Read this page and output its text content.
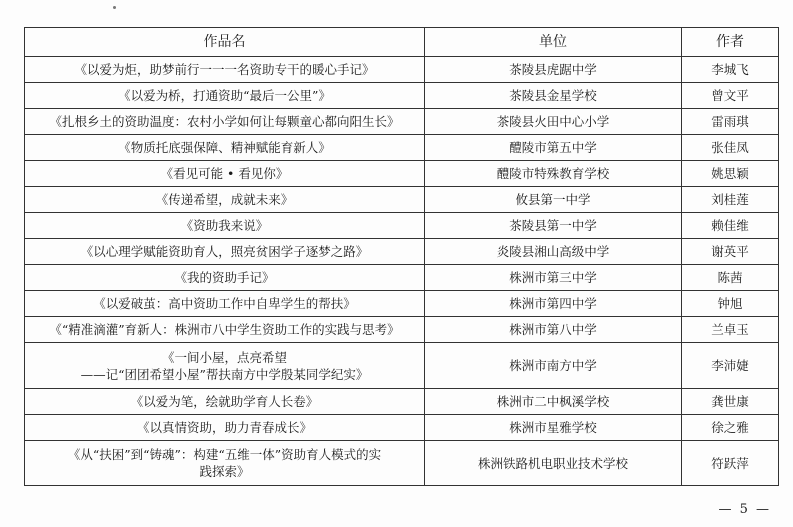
作品名	单位	作者
《以爱为炬，助梦前行一一一名资助专干的暖心手记》	茶陵县虎踞中学	李城飞
《以爱为桥，打通资助“最后一公里”》	茶陵县金星学校	曾文平
《扎根乡土的资助温度：农村小学如何让每颗童心都向阳生长》	茶陵县火田中心小学	雷雨琪
《物质托底强保障、精神赋能育新人》	醴陵市第五中学	张佳凤
《看见可能 • 看见你》	醴陵市特殊教育学校	姚思颖
《传递希望，成就未来》	攸县第一中学	刘桂莲
《资助我来说》	茶陵县第一中学	赖佳维
《以心理学赋能资助育人，照亮贫困学子逐梦之路》	炎陵县湘山高级中学	谢英平
《我的资助手记》	株洲市第三中学	陈茜
《以爱破茧：高中资助工作中自卑学生的帮扶》	株洲市第四中学	钟旭
《“精准滴灌”育新人：株洲市八中学生资助工作的实践与思考》	株洲市第八中学	兰卓玉

《一间小屋，点亮希望
——记“团团希望小屋”帮扶南方中学殷某同学纪实》	株洲市南方中学	李沛婕
《以爱为笔，绘就助学育人长卷》	株洲市二中枫溪学校	龚世康
《以真情资助，助力青春成长》	株洲市星雅学校	徐之雅

《从“扶困”到“铸魂”：构建“五维一体”资助育人模式的实
践探索》	株洲铁路机电职业技术学校	符跃萍
— 5 —
